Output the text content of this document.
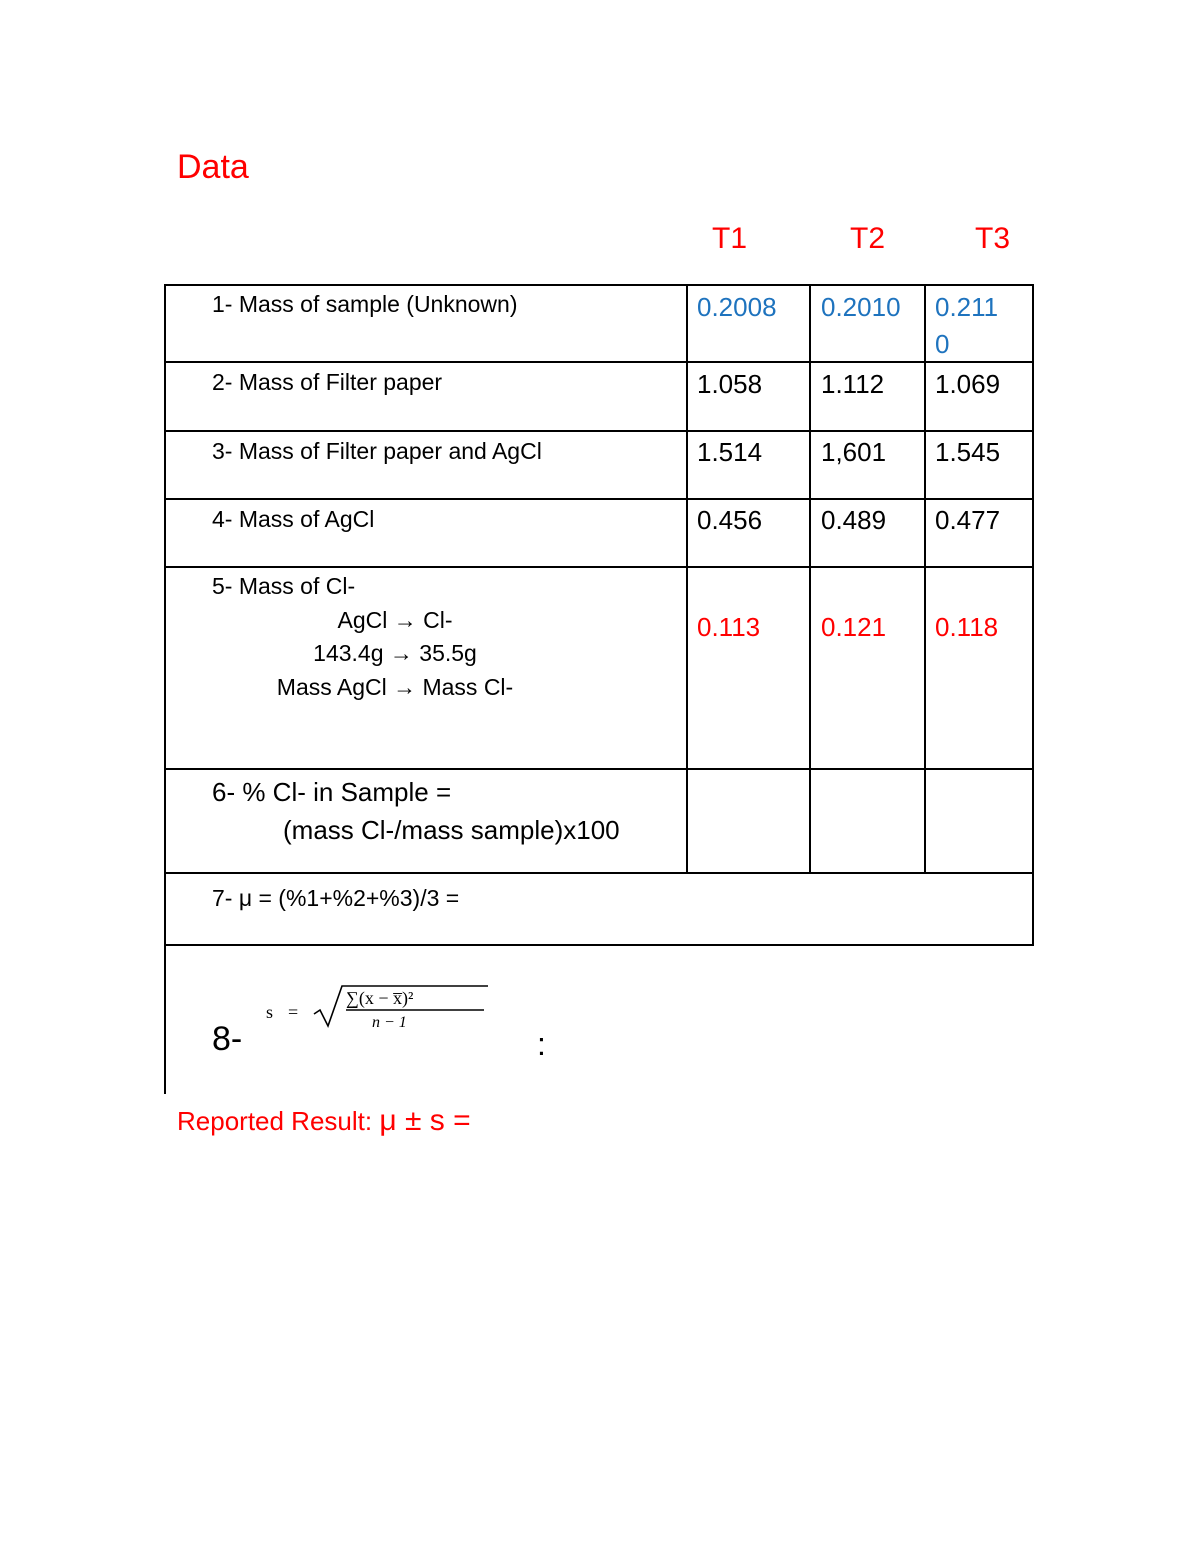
Data
T1	T2	T3
1- Mass of sample (Unknown)	0.2008 0.2010 0.211
0
2- Mass of Filter paper	1.058 1.112 1.069
3- Mass of Filter paper and AgCl	1.514 1,601 1.545
4- Mass of AgCl	0.456 0.489 0.477
5- Mass of Cl-
AgCl → Cl-
143.4g → 35.5g
Mass AgCl → Mass Cl-
0.113 0.121 0.118
6- % Cl- in Sample =
(mass Cl-/mass sample)x100
7- μ = (%1+%2+%3)/3 =
8-
s =
∑(x − x̅)²
n − 1
:
Reported Result: μ ± s =
